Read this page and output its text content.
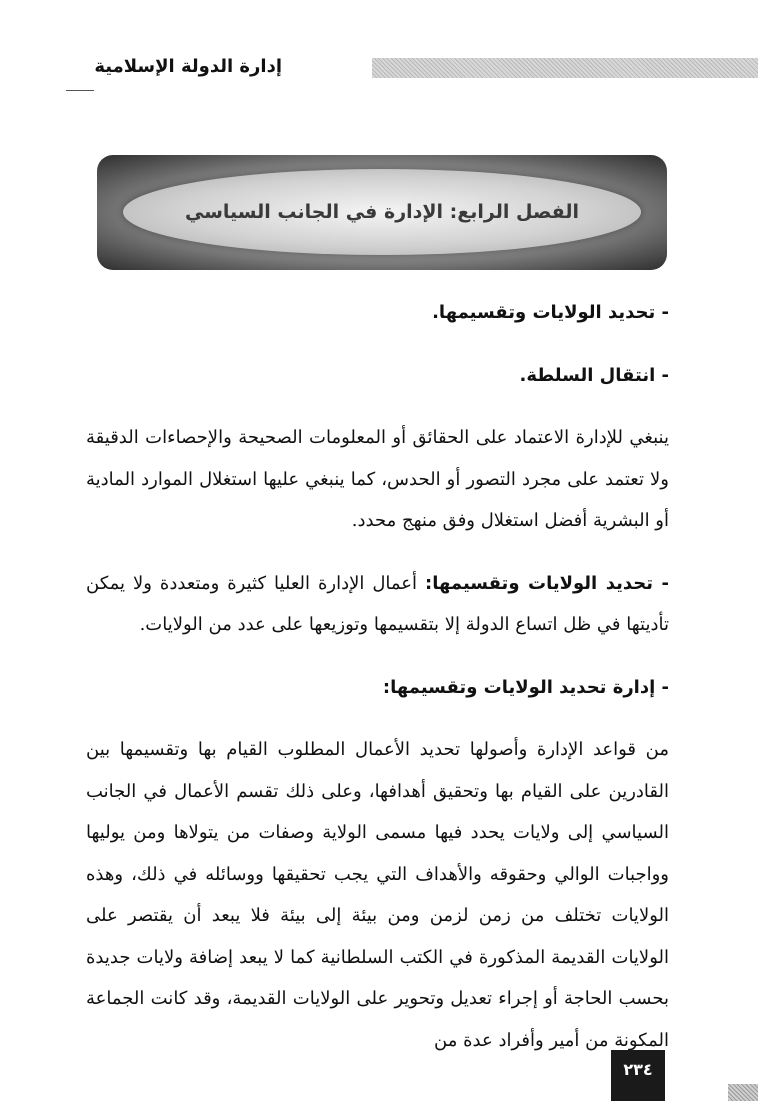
إدارة الدولة الإسلامية
الفصل الرابع: الإدارة في الجانب السياسي

- تحديد الولايات وتقسيمها.

- انتقال السلطة.

ينبغي للإدارة الاعتماد على الحقائق أو المعلومات الصحيحة والإحصاءات الدقيقة ولا تعتمد على مجرد التصور أو الحدس، كما ينبغي عليها استغلال الموارد المادية أو البشرية أفضل استغلال وفق منهج محدد.

- تحديد الولايات وتقسيمها: أعمال الإدارة العليا كثيرة ومتعددة ولا يمكن تأديتها في ظل اتساع الدولة إلا بتقسيمها وتوزيعها على عدد من الولايات.

- إدارة تحديد الولايات وتقسيمها:

من قواعد الإدارة وأصولها تحديد الأعمال المطلوب القيام بها وتقسيمها بين القادرين على القيام بها وتحقيق أهدافها، وعلى ذلك تقسم الأعمال في الجانب السياسي إلى ولايات يحدد فيها مسمى الولاية وصفات من يتولاها ومن يوليها وواجبات الوالي وحقوقه والأهداف التي يجب تحقيقها ووسائله في ذلك، وهذه الولايات تختلف من زمن لزمن ومن بيئة إلى بيئة فلا يبعد أن يقتصر على الولايات القديمة المذكورة في الكتب السلطانية كما لا يبعد إضافة ولايات جديدة بحسب الحاجة أو إجراء تعديل وتحوير على الولايات القديمة، وقد كانت الجماعة المكونة من أمير وأفراد عدة من

٢٣٤
